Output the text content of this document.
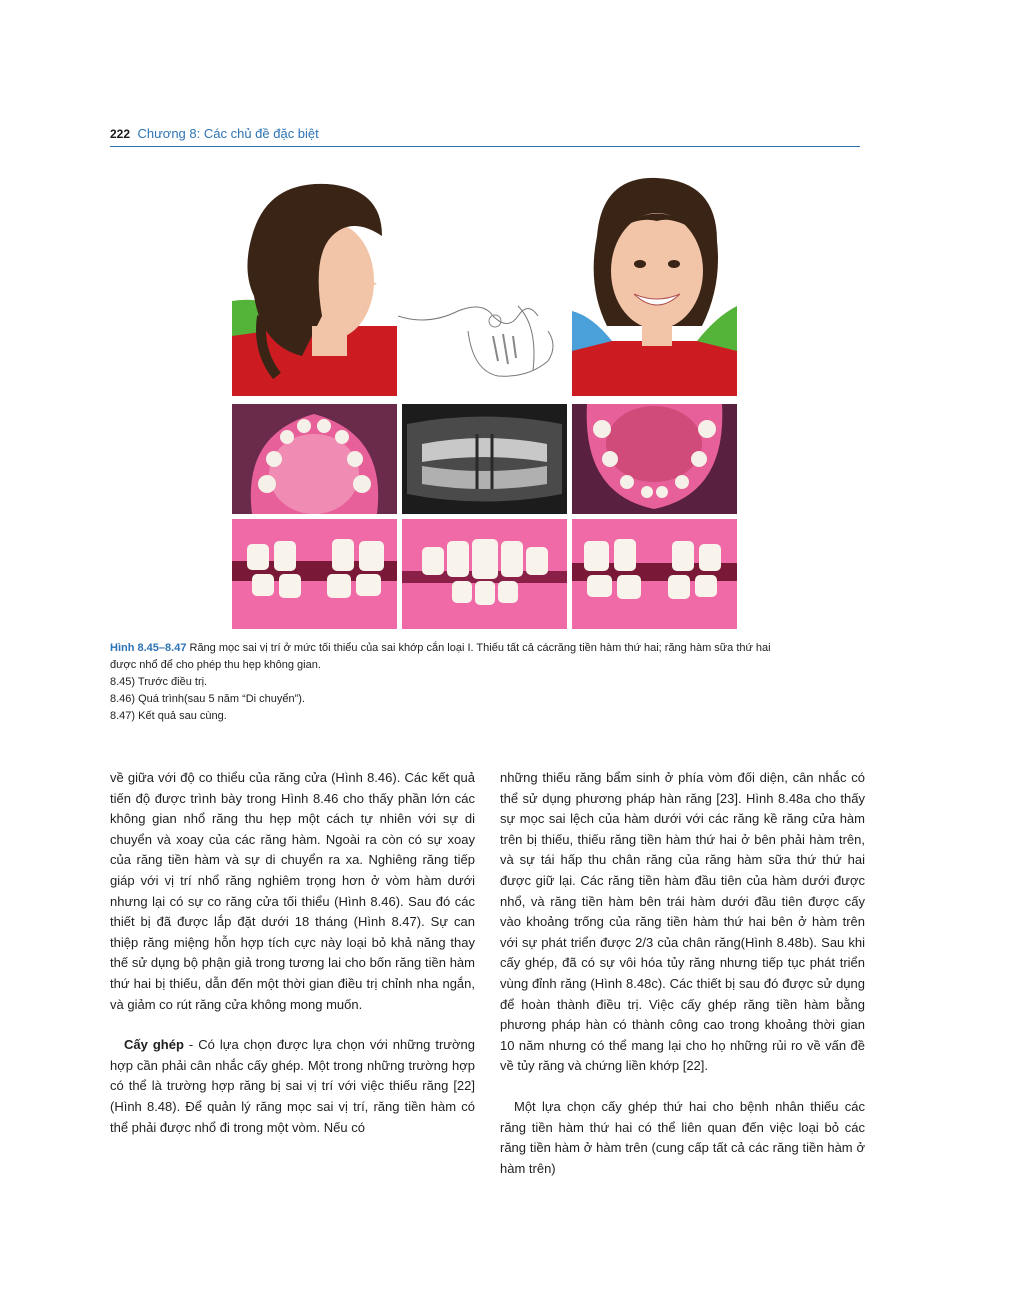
222 Chương 8: Các chủ đề đặc biệt
Hình 8.45–8.47 Răng mọc sai vị trí ở mức tối thiểu của sai khớp cắn loại I. Thiếu tất cả cácrăng tiền hàm thứ hai; răng hàm sữa thứ hai
được nhổ để cho phép thu hẹp không gian.
8.45) Trước điều trị.
8.46) Quá trình(sau 5 năm “Di chuyển”).
8.47) Kết quả sau cùng.

về giữa với độ co thiểu của răng cửa (Hình 8.46). Các kết quả tiến độ được trình bày trong Hình 8.46 cho thấy phần lớn các không gian nhổ răng thu hẹp một cách tự nhiên với sự di chuyển và xoay của các răng hàm. Ngoài ra còn có sự xoay của răng tiền hàm và sự di chuyển ra xa. Nghiêng răng tiếp giáp với vị trí nhổ răng nghiêm trọng hơn ở vòm hàm dưới nhưng lại có sự co răng cửa tối thiểu (Hình 8.46). Sau đó các thiết bị đã được lắp đặt dưới 18 tháng (Hình 8.47). Sự can thiệp răng miệng hỗn hợp tích cực này loại bỏ khả năng thay thế sử dụng bộ phận giả trong tương lai cho bốn răng tiền hàm thứ hai bị thiếu, dẫn đến một thời gian điều trị chỉnh nha ngắn, và giảm co rút răng cửa không mong muốn.

Cấy ghép - Có lựa chọn được lựa chọn với những trường hợp cần phải cân nhắc cấy ghép. Một trong những trường hợp có thể là trường hợp răng bị sai vị trí với việc thiếu răng [22] (Hình 8.48). Để quản lý răng mọc sai vị trí, răng tiền hàm có thể phải được nhổ đi trong một vòm. Nếu có

những thiếu răng bẩm sinh ở phía vòm đối diện, cân nhắc có thể sử dụng phương pháp hàn răng [23]. Hình 8.48a cho thấy sự mọc sai lệch của hàm dưới với các răng kề răng cửa hàm trên bị thiếu, thiếu răng tiền hàm thứ hai ở bên phải hàm trên, và sự tái hấp thu chân răng của răng hàm sữa thứ thứ hai được giữ lại. Các răng tiền hàm đầu tiên của hàm dưới được nhổ, và răng tiền hàm bên trái hàm dưới đầu tiên được cấy vào khoảng trống của răng tiền hàm thứ hai bên ở hàm trên với sự phát triển được 2/3 của chân răng(Hình 8.48b). Sau khi cấy ghép, đã có sự vôi hóa tủy răng nhưng tiếp tục phát triển vùng đỉnh răng (Hình 8.48c). Các thiết bị sau đó được sử dụng để hoàn thành điều trị. Việc cấy ghép răng tiền hàm bằng phương pháp hàn có thành công cao trong khoảng thời gian 10 năm nhưng có thể mang lại cho họ những rủi ro về vấn đề về tủy răng và chứng liền khớp [22].

Một lựa chọn cấy ghép thứ hai cho bệnh nhân thiếu các răng tiền hàm thứ hai có thể liên quan đến việc loại bỏ các răng tiền hàm ở hàm trên (cung cấp tất cả các răng tiền hàm ở hàm trên)
